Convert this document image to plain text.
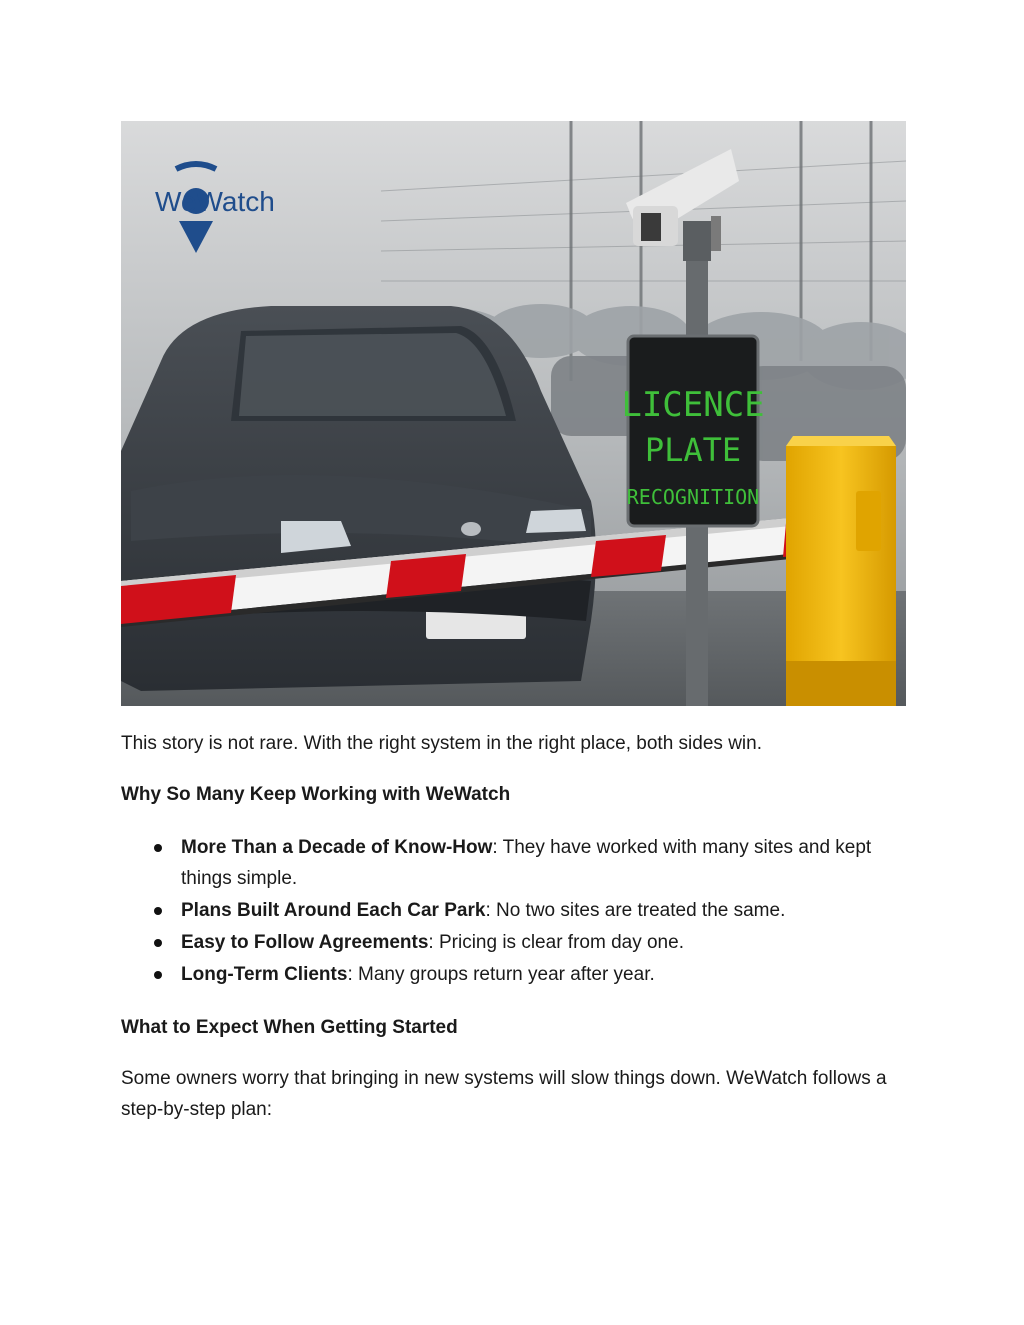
LICENCE
PLATE
RECOGNITION
WeWatch
This story is not rare. With the right system in the right place, both sides win.
Why So Many Keep Working with WeWatch
More Than a Decade of Know-How: They have worked with many sites and kept things simple.
Plans Built Around Each Car Park: No two sites are treated the same.
Easy to Follow Agreements: Pricing is clear from day one.
Long-Term Clients: Many groups return year after year.
What to Expect When Getting Started
Some owners worry that bringing in new systems will slow things down. WeWatch follows a step-by-step plan:
